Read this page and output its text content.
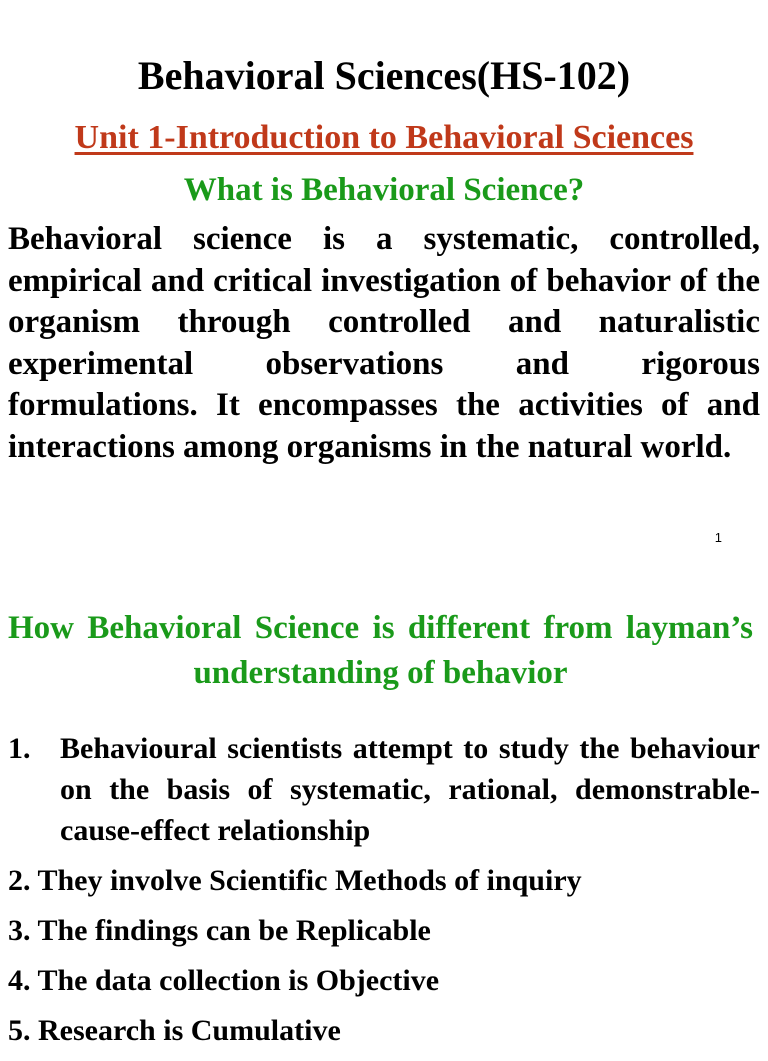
Behavioral Sciences(HS-102)
Unit 1-Introduction to Behavioral Sciences
What is Behavioral Science?

Behavioral science is a systematic, controlled, empirical and critical investigation of behavior of the organism through controlled and naturalistic experimental observations and rigorous formulations. It encompasses the activities of and interactions among organisms in the natural world.

1
How Behavioral Science is different from layman’s understanding of behavior
1. Behavioural scientists attempt to study the behaviour on the basis of systematic, rational, demonstrable-cause-effect relationship
2. They involve Scientific Methods of inquiry
3. The findings can be Replicable
4. The data collection is Objective
5. Research is Cumulative
